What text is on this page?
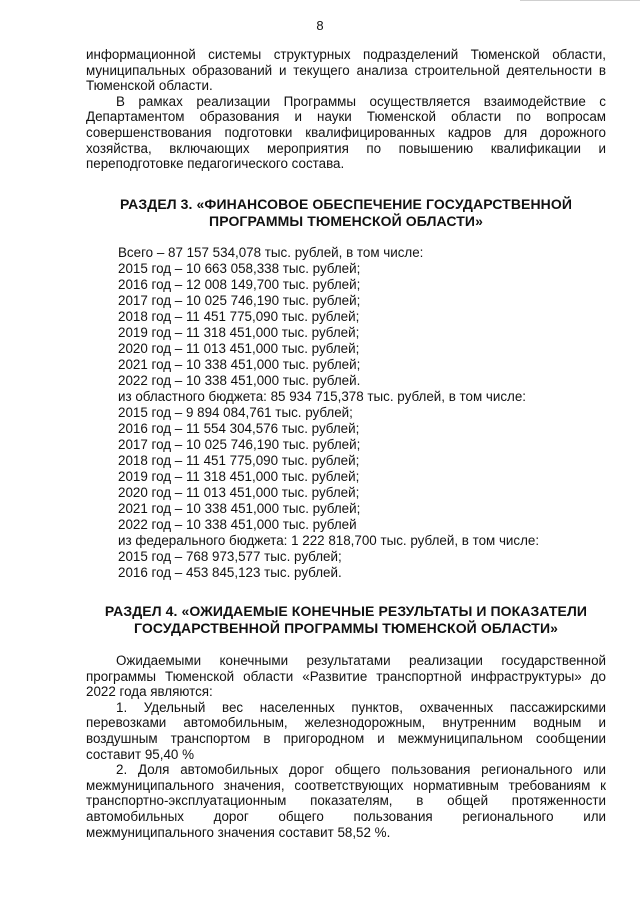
8

информационной системы структурных подразделений Тюменской области, муниципальных образований и текущего анализа строительной деятельности в Тюменской области.

В рамках реализации Программы осуществляется взаимодействие с Департаментом образования и науки Тюменской области по вопросам совершенствования подготовки квалифицированных кадров для дорожного хозяйства, включающих мероприятия по повышению квалификации и переподготовке педагогического состава.

РАЗДЕЛ 3. «ФИНАНСОВОЕ ОБЕСПЕЧЕНИЕ ГОСУДАРСТВЕННОЙ
ПРОГРАММЫ ТЮМЕНСКОЙ ОБЛАСТИ»
Всего – 87 157 534,078 тыс. рублей, в том числе:
2015 год – 10 663 058,338 тыс. рублей;
2016 год – 12 008 149,700 тыс. рублей;
2017 год – 10 025 746,190 тыс. рублей;
2018 год – 11 451 775,090 тыс. рублей;
2019 год – 11 318 451,000 тыс. рублей;
2020 год – 11 013 451,000 тыс. рублей;
2021 год – 10 338 451,000 тыс. рублей;
2022 год – 10 338 451,000 тыс. рублей.
из областного бюджета: 85 934 715,378 тыс. рублей, в том числе:
2015 год – 9 894 084,761 тыс. рублей;
2016 год – 11 554 304,576 тыс. рублей;
2017 год – 10 025 746,190 тыс. рублей;
2018 год – 11 451 775,090 тыс. рублей;
2019 год – 11 318 451,000 тыс. рублей;
2020 год – 11 013 451,000 тыс. рублей;
2021 год – 10 338 451,000 тыс. рублей;
2022 год – 10 338 451,000 тыс. рублей
из федерального бюджета: 1 222 818,700 тыс. рублей, в том числе:
2015 год – 768 973,577 тыс. рублей;
2016 год – 453 845,123 тыс. рублей.
РАЗДЕЛ 4. «ОЖИДАЕМЫЕ КОНЕЧНЫЕ РЕЗУЛЬТАТЫ И ПОКАЗАТЕЛИ
ГОСУДАРСТВЕННОЙ ПРОГРАММЫ ТЮМЕНСКОЙ ОБЛАСТИ»

Ожидаемыми конечными результатами реализации государственной программы Тюменской области «Развитие транспортной инфраструктуры» до 2022 года являются:

1. Удельный вес населенных пунктов, охваченных пассажирскими перевозками автомобильным, железнодорожным, внутренним водным и воздушным транспортом в пригородном и межмуниципальном сообщении составит 95,40 %

2. Доля автомобильных дорог общего пользования регионального или межмуниципального значения, соответствующих нормативным требованиям к транспортно-эксплуатационным показателям, в общей протяженности автомобильных дорог общего пользования регионального или межмуниципального значения составит 58,52 %.
